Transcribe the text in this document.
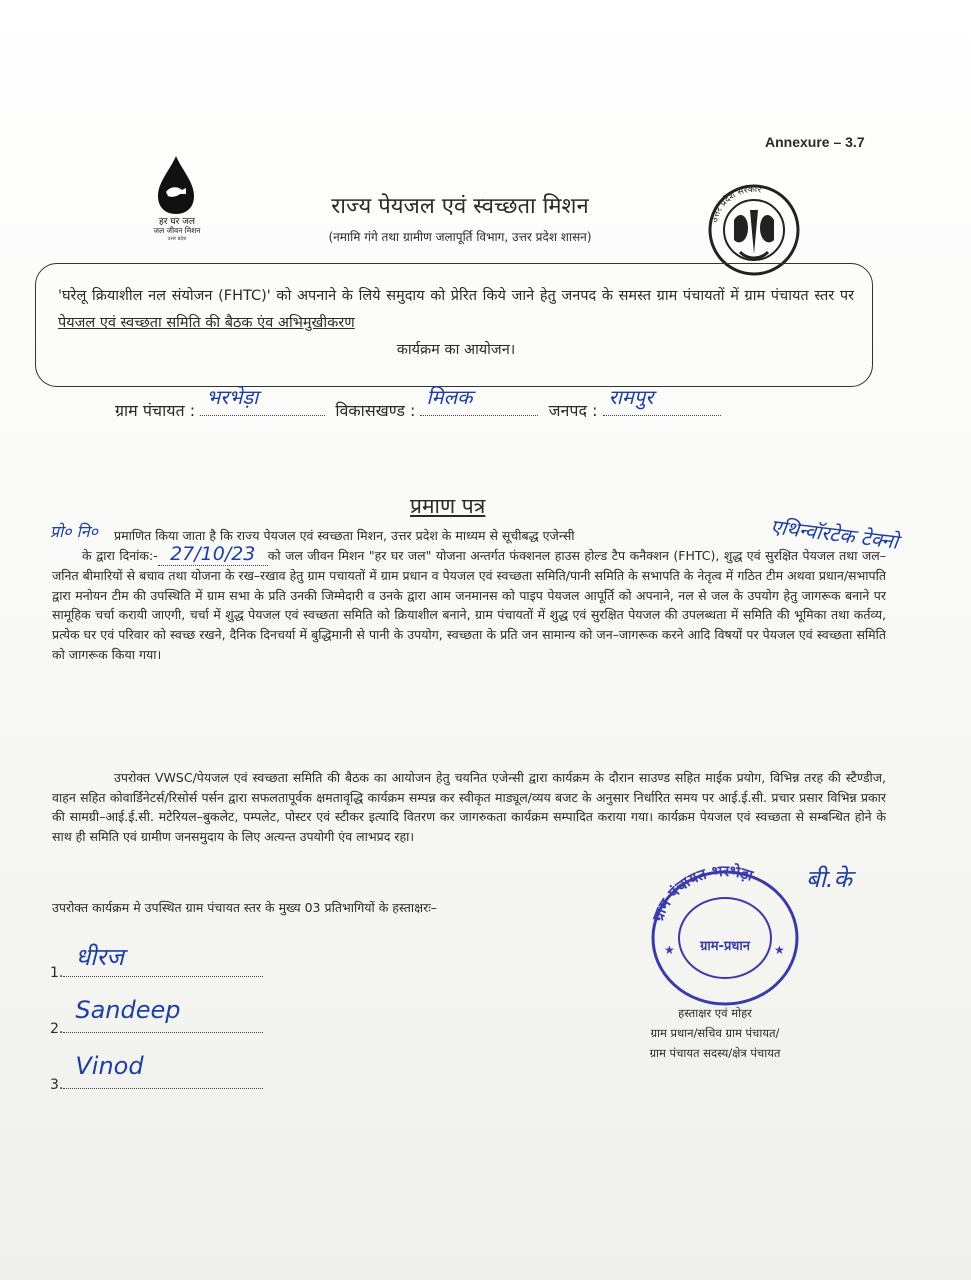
Annexure – 3.7
हर घर जल
जल जीवन मिशन
उत्तर प्रदेश
उत्तर प्रदेश सरकार
राज्य पेयजल एवं स्वच्छता मिशन
(नमामि गंगे तथा ग्रामीण जलापूर्ति विभाग, उत्तर प्रदेश शासन)
'घरेलू क्रियाशील नल संयोजन (FHTC)' को अपनाने के लिये समुदाय को प्रेरित किये जाने हेतु जनपद के समस्त ग्राम पंचायतों में ग्राम पंचायत स्तर पर पेयजल एवं स्वच्छता समिति की बैठक एंव अभिमुखीकरण
कार्यक्रम का आयोजन।
ग्राम पंचायत :
भरभेड़ा
विकासखण्ड :
मिलक
जनपद :
रामपुर
प्रमाण पत्र
प्रो० नि०	एथिन्वॉरटेक टेक्नो
प्रमाणित किया जाता है कि राज्य पेयजल एवं स्वच्छता मिशन, उत्तर प्रदेश के माध्यम से सूचीबद्ध एजेन्सी
के द्वारा दिनांक:- 27/10/23 को जल जीवन मिशन "हर घर जल" योजना अन्तर्गत फंक्शनल हाउस होल्ड टैप कनैक्शन (FHTC), शुद्ध एवं सुरक्षित पेयजल तथा जल–जनित बीमारियों से बचाव तथा योजना के रख–रखाव हेतु ग्राम पचायतों में ग्राम प्रधान व पेयजल एवं स्वच्छता समिति/पानी समिति के सभापति के नेतृत्व में गठित टीम अथवा प्रधान/सभापति द्वारा मनोयन टीम की उपस्थिति में ग्राम सभा के प्रति उनकी जिम्मेदारी व उनके द्वारा आम जनमानस को पाइप पेयजल आपूर्ति को अपनाने, नल से जल के उपयोग हेतु जागरूक बनाने पर सामूहिक चर्चा करायी जाएगी, चर्चा में शुद्ध पेयजल एवं स्वच्छता समिति को क्रियाशील बनाने, ग्राम पंचायतों में शुद्ध एवं सुरक्षित पेयजल की उपलब्धता में समिति की भूमिका तथा कर्तव्य, प्रत्येक घर एवं परिवार को स्वच्छ रखने, दैनिक दिनचर्या में बुद्धिमानी से पानी के उपयोग, स्वच्छता के प्रति जन सामान्य को जन–जागरूक करने आदि विषयों पर पेयजल एवं स्वच्छता समिति को जागरूक किया गया।
उपरोक्त VWSC/पेयजल एवं स्वच्छता समिति की बैठक का आयोजन हेतु चयनित एजेन्सी द्वारा कार्यक्रम के दौरान साउण्ड सहित माईक प्रयोग, विभिन्न तरह की स्टैण्डीज, वाहन सहित कोवार्डिनेटर्स/रिसोर्स पर्सन द्वारा सफलतापूर्वक क्षमतावृद्धि कार्यक्रम सम्पन्न कर स्वीकृत माड्यूल/व्यय बजट के अनुसार निर्धारित समय पर आई.ई.सी. प्रचार प्रसार विभिन्न प्रकार की सामग्री–आई.ई.सी. मटेरियल–बुकलेट, पम्पलेट, पोस्टर एवं स्टीकर इत्यादि वितरण कर जागरुकता कार्यक्रम सम्पादित कराया गया। कार्यक्रम पेयजल एवं स्वच्छता से सम्बन्धित होने के साथ ही समिति एवं ग्रामीण जनसमुदाय के लिए अत्यन्त उपयोगी एंव लाभप्रद रहा।
उपरोक्त कार्यक्रम मे उपस्थित ग्राम पंचायत स्तर के मुख्य 03 प्रतिभागियों के हस्ताक्षरः–
1.
धीरज
2.
Sandeep
3.
Vinod
ग्राम पंचायत भरभेड़ा
ग्राम-प्रधान
★	★
बी.के
हस्ताक्षर एवं मोहर
ग्राम प्रधान/सचिव ग्राम पंचायत/
ग्राम पंचायत सदस्य/क्षेत्र पंचायत
